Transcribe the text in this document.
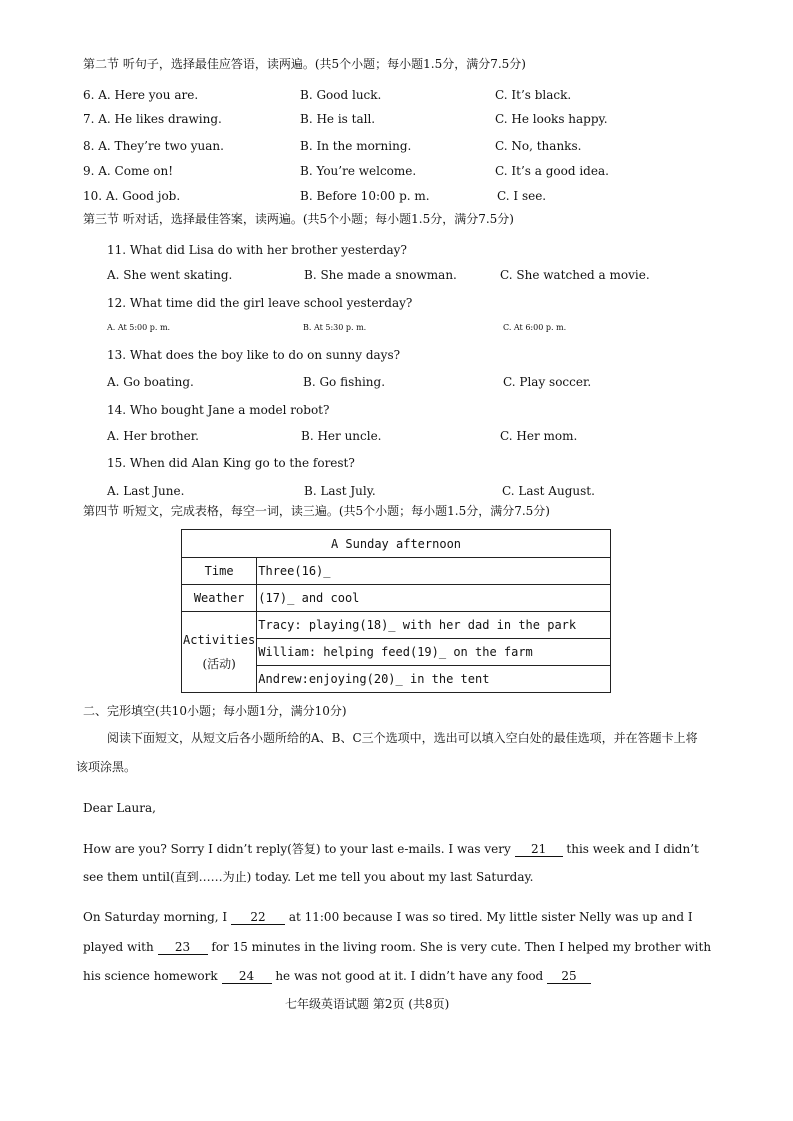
第二节 听句子，选择最佳应答语，读两遍。(共5个小题；每小题1.5分，满分7.5分)
6. A. Here you are.	B. Good luck.	C. It’s black.
7. A. He likes drawing.	B. He is tall.	C. He looks happy.
8. A. They’re two yuan.	B. In the morning.	C. No, thanks.
9. A. Come on!	B. You’re welcome.	C. It’s a good idea.
10. A. Good job.	B. Before 10:00 p. m.	C. I see.
第三节 听对话，选择最佳答案，读两遍。(共5个小题；每小题1.5分，满分7.5分)
11. What did Lisa do with her brother yesterday?
A. She went skating.	B. She made a snowman.	C. She watched a movie.
12. What time did the girl leave school yesterday?
A. At 5:00 p. m.	B. At 5:30 p. m.	C. At 6:00 p. m.
13. What does the boy like to do on sunny days?
A. Go boating.	B. Go fishing.	C. Play soccer.
14. Who bought Jane a model robot?
A. Her brother.	B. Her uncle.	C. Her mom.
15. When did Alan King go to the forest?
A. Last June.	B. Last July.	C. Last August.
第四节 听短文，完成表格，每空一词，读三遍。(共5个小题；每小题1.5分，满分7.5分)
A Sunday afternoon	
Time	Three(16)_
Weather	(17)_ and cool

Activities
(活动)	Tracy: playing(18)_ with her dad in the park
	William: helping feed(19)_ on the farm
	Andrew:enjoying(20)_ in the tent
二、完形填空(共10小题；每小题1分，满分10分)
阅读下面短文，从短文后各小题所给的A、B、C三个选项中，选出可以填入空白处的最佳选项，并在答题卡上将
该项涂黑。
Dear Laura,
How are you? Sorry I didn’t reply(答复) to your last e-mails. I was very 21 this week and I didn’t
see them until(直到……为止) today. Let me tell you about my last Saturday.
On Saturday morning, I 22 at 11:00 because I was so tired. My little sister Nelly was up and I
played with 23 for 15 minutes in the living room. She is very cute. Then I helped my brother with
his science homework 24 he was not good at it. I didn’t have any food 25
七年级英语试题 第2页 (共8页)
